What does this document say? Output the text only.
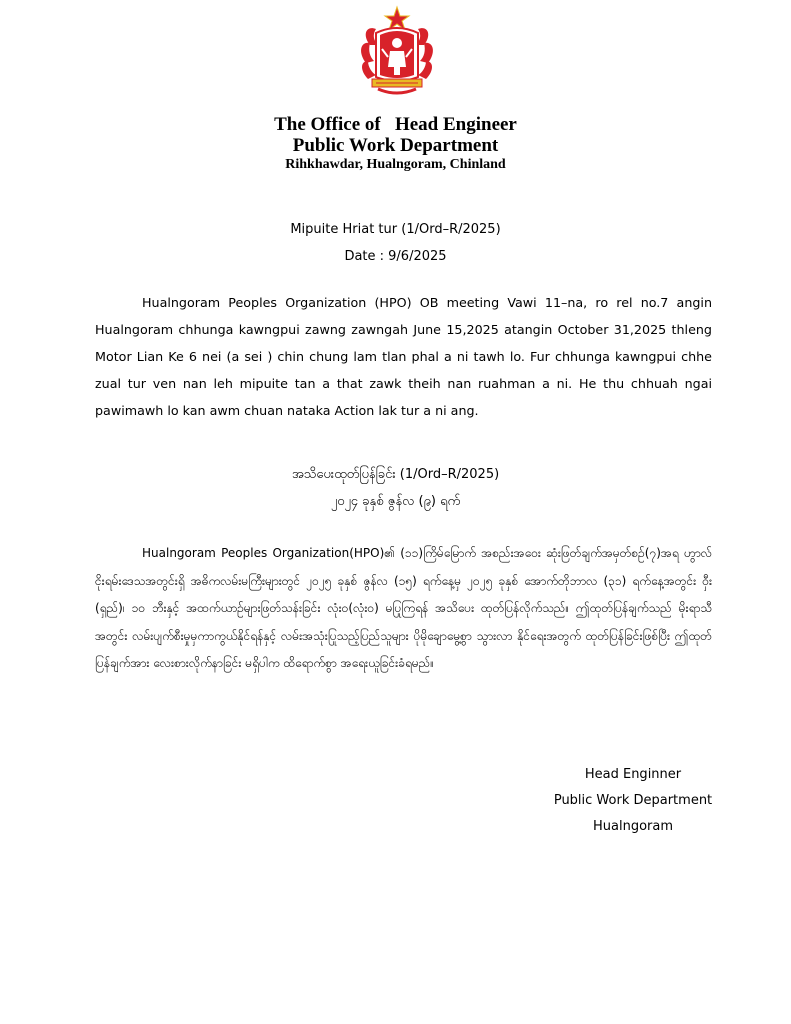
The Office of   Head Engineer
Public Work Department
Rihkhawdar, Hualngoram, Chinland
Mipuite Hriat tur (1/Ord–R/2025)
Date : 9/6/2025
Hualngoram Peoples Organization (HPO) OB meeting Vawi 11–na, ro rel no.7 angin Hualngoram chhunga kawngpui zawng zawngah June 15,2025 atangin October 31,2025 thleng Motor Lian Ke 6 nei (a sei ) chin chung lam tlan phal a ni tawh lo. Fur chhunga kawngpui chhe zual tur ven nan leh mipuite tan a that zawk theih nan ruahman a ni. He thu chhuah ngai pawimawh lo kan awm chuan nataka Action lak tur a ni ang.
အသိပေးထုတ်ပြန်ခြင်း (1/Ord–R/2025)
၂၀၂၄ ခုနှစ် ဇွန်လ (၉) ရက်
Hualngoram Peoples Organization(HPO)၏ (၁၁)ကြိမ်မြောက် အစည်းအဝေး ဆုံးဖြတ်ချက်အမှတ်စဉ်(၇)အရ ဟွာလ်ငိုးရမ်းဒေသအတွင်းရှိ အဓိကလမ်းမကြီးများတွင် ၂၀၂၅ ခုနှစ် ဇွန်လ (၁၅) ရက်နေ့မှ ၂၀၂၅ ခုနှစ် အောက်တိုဘာလ (၃၁) ရက်နေ့အတွင်း ဝှီး (ရှည်)၊ ၁၀ ဘီးနှင့် အထက်ယာဉ်များဖြတ်သန်းခြင်း လုံး၀(လုံး၀) မပြုကြရန် အသိပေး ထုတ်ပြန်လိုက်သည်။ ဤထုတ်ပြန်ချက်သည် မိုးရာသီအတွင်း လမ်းပျက်စီးမှုမှကာကွယ်နိုင်ရန်နှင့် လမ်းအသုံးပြုသည့်ပြည်သူများ ပိုမိုချောမွေ့စွာ သွားလာ နိုင်ရေးအတွက် ထုတ်ပြန်ခြင်းဖြစ်ပြီး ဤထုတ်ပြန်ချက်အား လေးစားလိုက်နာခြင်း မရှိပါက ထိရောက်စွာ အရေးယူခြင်းခံရမည်။
Head Enginner
Public Work Department
Hualngoram
